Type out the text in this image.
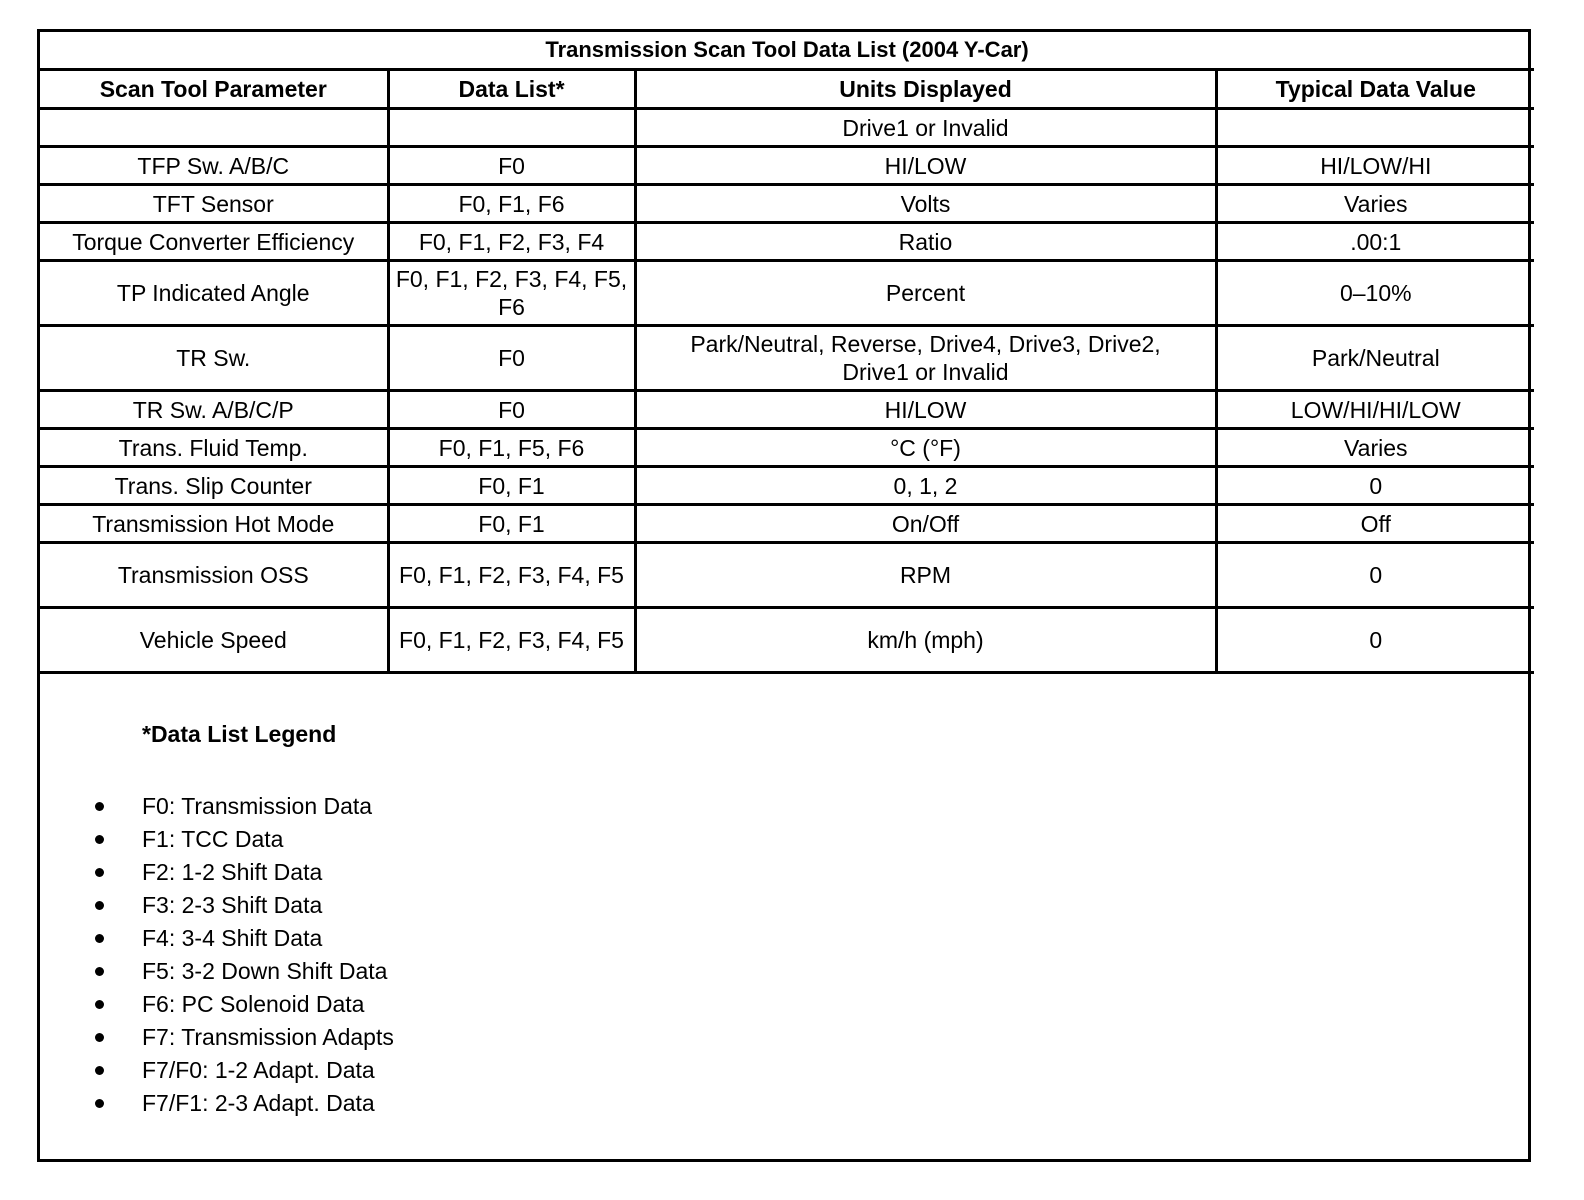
Transmission Scan Tool Data List (2004 Y-Car)			
Scan Tool Parameter	Data List*	Units Displayed	Typical Data Value
		Drive1 or Invalid	
TFP Sw. A/B/C	F0	HI/LOW	HI/LOW/HI
TFT Sensor	F0, F1, F6	Volts	Varies
Torque Converter Efficiency	F0, F1, F2, F3, F4	Ratio	.00:1
TP Indicated Angle	F0, F1, F2, F3, F4, F5, F6	Percent	0–10%
TR Sw.	F0	Park/Neutral, Reverse, Drive4, Drive3, Drive2, Drive1 or Invalid	Park/Neutral
TR Sw. A/B/C/P	F0	HI/LOW	LOW/HI/HI/LOW
Trans. Fluid Temp.	F0, F1, F5, F6	°C (°F)	Varies
Trans. Slip Counter	F0, F1	0, 1, 2	0
Transmission Hot Mode	F0, F1	On/Off	Off
Transmission OSS	F0, F1, F2, F3, F4, F5	RPM	0
Vehicle Speed	F0, F1, F2, F3, F4, F5	km/h (mph)	0
*Data List Legend
F0: Transmission Data
F1: TCC Data
F2: 1-2 Shift Data
F3: 2-3 Shift Data
F4: 3-4 Shift Data
F5: 3-2 Down Shift Data
F6: PC Solenoid Data
F7: Transmission Adapts
F7/F0: 1-2 Adapt. Data
F7/F1: 2-3 Adapt. Data
